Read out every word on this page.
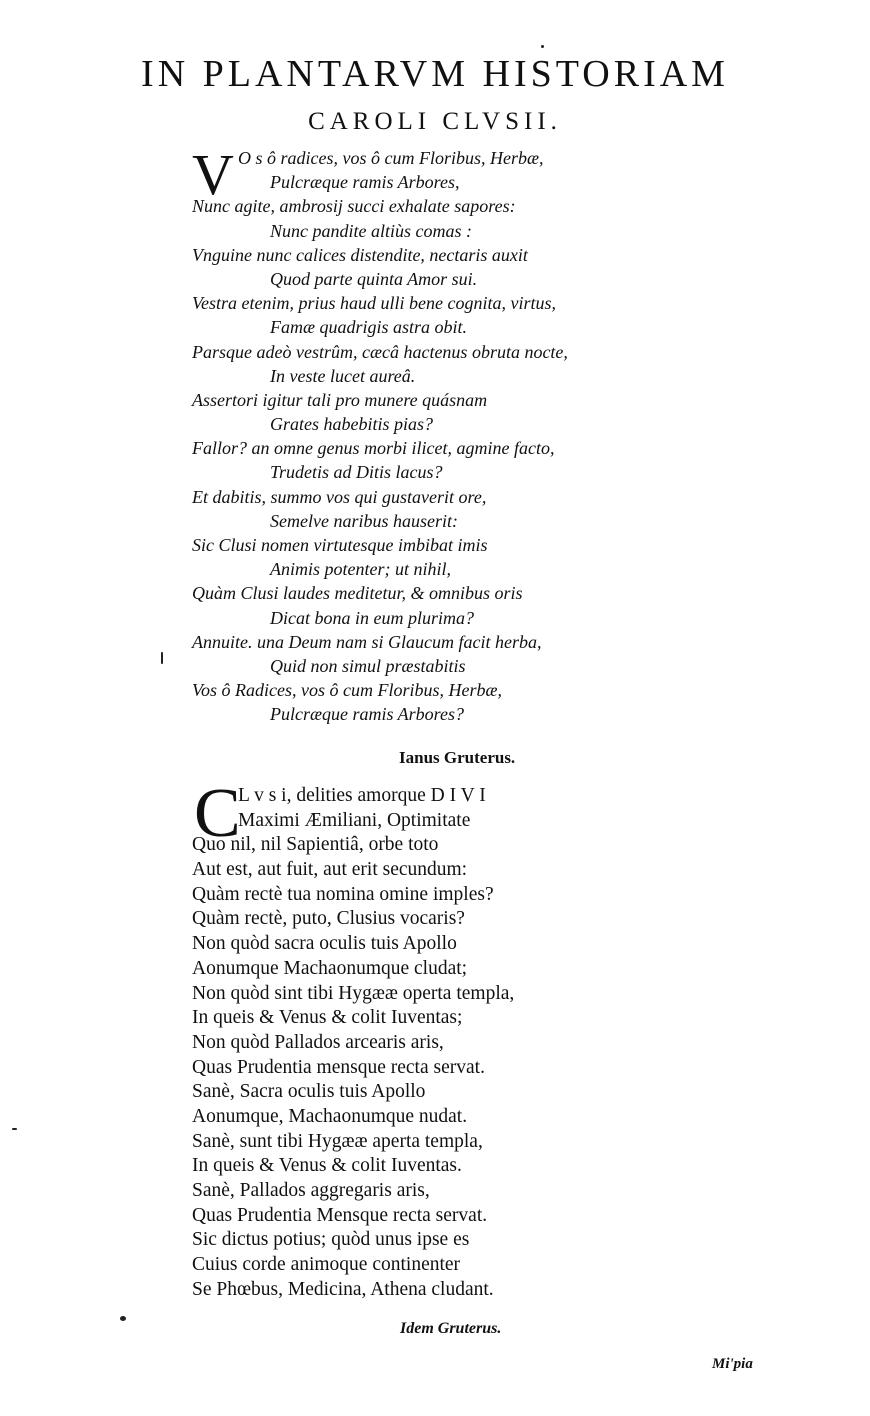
IN PLANTARVM HISTORIAM
CAROLI CLVSII.
V O s ô radices, vos ô cum Floribus, Herbæ,
Pulcræque ramis Arbores,
Nunc agite, ambrosij succi exhalate sapores:
Nunc pandite altiùs comas :
Vnguine nunc calices distendite, nectaris auxit
Quod parte quinta Amor sui.
Vestra etenim, prius haud ulli bene cognita, virtus,
Famæ quadrigis astra obit.
Parsque adeò vestrûm, cæcâ hactenus obruta nocte,
In veste lucet aureâ.
Assertori igitur tali pro munere quásnam
Grates habebitis pias?
Fallor? an omne genus morbi ilicet, agmine facto,
Trudetis ad Ditis lacus?
Et dabitis, summo vos qui gustaverit ore,
Semelve naribus hauserit:
Sic Clusi nomen virtutesque imbibat imis
Animis potenter; ut nihil,
Quàm Clusi laudes meditetur, & omnibus oris
Dicat bona in eum plurima?
Annuite. una Deum nam si Glaucum facit herba,
Quid non simul præstabitis
Vos ô Radices, vos ô cum Floribus, Herbæ,
Pulcræque ramis Arbores?
Ianus Gruterus.
C
L v s i, delities amorque D I V I
Maximi Æmiliani, Optimitate
Quo nil, nil Sapientiâ, orbe toto
Aut est, aut fuit, aut erit secundum:
Quàm rectè tua nomina omine imples?
Quàm rectè, puto, Clusius vocaris?
Non quòd sacra oculis tuis Apollo
Aonumque Machaonumque cludat;
Non quòd sint tibi Hygææ operta templa,
In queis & Venus & colit Iuventas;
Non quòd Pallados arcearis aris,
Quas Prudentia mensque recta servat.
Sanè, Sacra oculis tuis Apollo
Aonumque, Machaonumque nudat.
Sanè, sunt tibi Hygææ aperta templa,
In queis & Venus & colit Iuventas.
Sanè, Pallados aggregaris aris,
Quas Prudentia Mensque recta servat.
Sic dictus potius; quòd unus ipse es
Cuius corde animoque continenter
Se Phœbus, Medicina, Athena cludant.
Idem Gruterus.
Mi'pia
